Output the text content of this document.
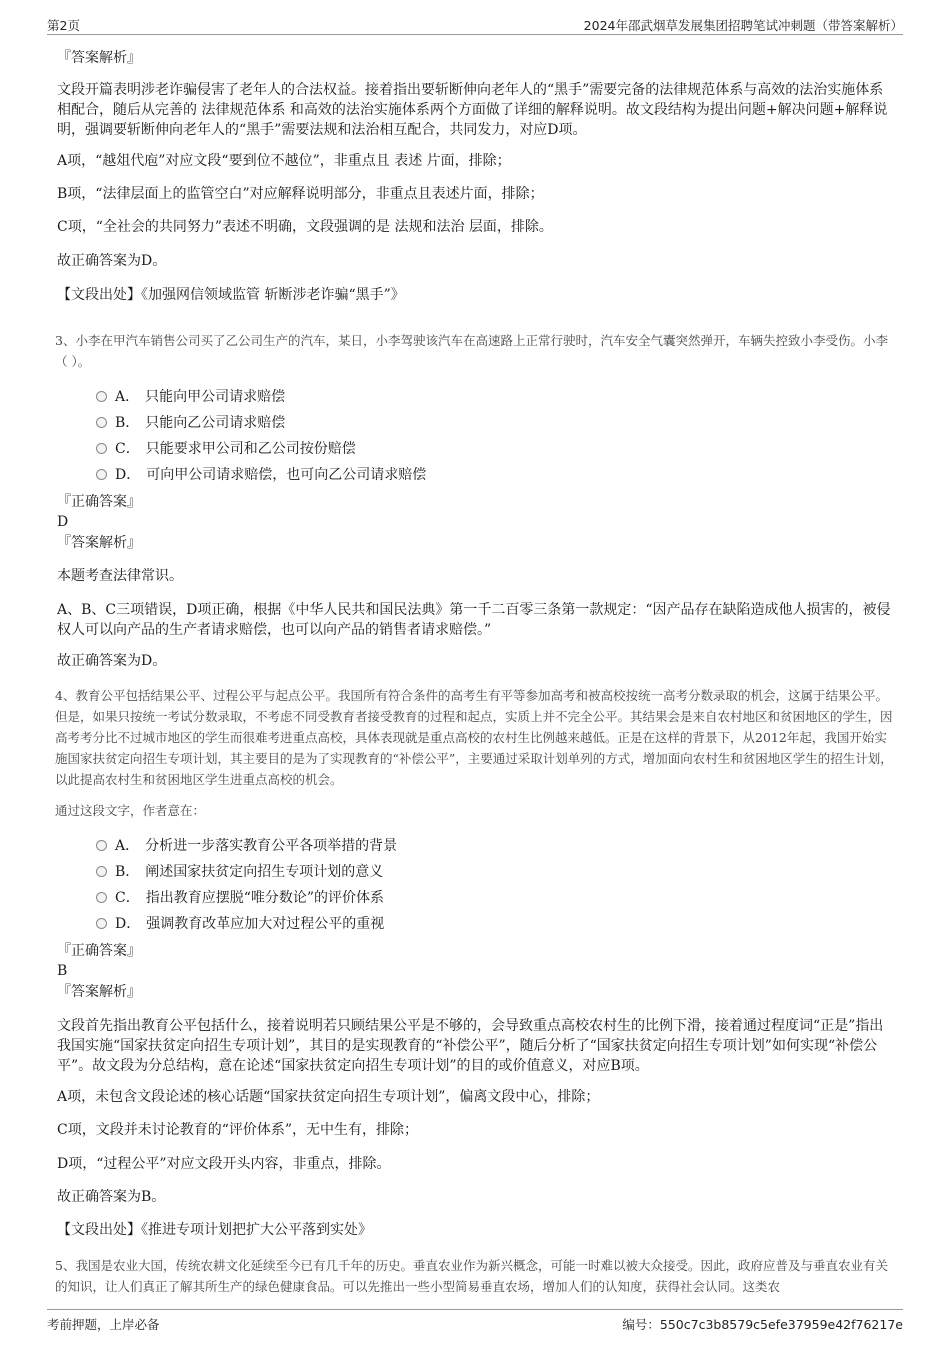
第2页	2024年邵武烟草发展集团招聘笔试冲刺题（带答案解析）

『答案解析』

文段开篇表明涉老诈骗侵害了老年人的合法权益。接着指出要斩断伸向老年人的“黑手”需要完备的法律规范体系与高效的法治实施体系相配合，随后从完善的 法律规范体系 和高效的法治实施体系两个方面做了详细的解释说明。故文段结构为提出问题+解决问题+解释说明，强调要斩断伸向老年人的“黑手”需要法规和法治相互配合，共同发力，对应D项。

A项，“越俎代庖”对应文段“要到位不越位”，非重点且 表述 片面，排除；

B项，“法律层面上的监管空白”对应解释说明部分，非重点且表述片面，排除；

C项，“全社会的共同努力”表述不明确，文段强调的是 法规和法治 层面，排除。

故正确答案为D。

【文段出处】《加强网信领域监管 斩断涉老诈骗“黑手”》

3、小李在甲汽车销售公司买了乙公司生产的汽车，某日，小李驾驶该汽车在高速路上正常行驶时，汽车安全气囊突然弹开，车辆失控致小李受伤。小李（ ）。

A． 只能向甲公司请求赔偿
B． 只能向乙公司请求赔偿
C． 只能要求甲公司和乙公司按份赔偿
D． 可向甲公司请求赔偿，也可向乙公司请求赔偿

『正确答案』

D

『答案解析』

本题考查法律常识。

A、B、C三项错误，D项正确，根据《中华人民共和国民法典》第一千二百零三条第一款规定：“因产品存在缺陷造成他人损害的，被侵权人可以向产品的生产者请求赔偿，也可以向产品的销售者请求赔偿。”

故正确答案为D。

4、教育公平包括结果公平、过程公平与起点公平。我国所有符合条件的高考生有平等参加高考和被高校按统一高考分数录取的机会，这属于结果公平。但是，如果只按统一考试分数录取，不考虑不同受教育者接受教育的过程和起点，实质上并不完全公平。其结果会是来自农村地区和贫困地区的学生，因高考考分比不过城市地区的学生而很难考进重点高校，具体表现就是重点高校的农村生比例越来越低。正是在这样的背景下，从2012年起，我国开始实施国家扶贫定向招生专项计划，其主要目的是为了实现教育的“补偿公平”，主要通过采取计划单列的方式，增加面向农村生和贫困地区学生的招生计划，以此提高农村生和贫困地区学生进重点高校的机会。

通过这段文字，作者意在：

A． 分析进一步落实教育公平各项举措的背景
B． 阐述国家扶贫定向招生专项计划的意义
C． 指出教育应摆脱“唯分数论”的评价体系
D． 强调教育改革应加大对过程公平的重视

『正确答案』

B

『答案解析』

文段首先指出教育公平包括什么，接着说明若只顾结果公平是不够的，会导致重点高校农村生的比例下滑，接着通过程度词“正是”指出我国实施“国家扶贫定向招生专项计划”，其目的是实现教育的“补偿公平”，随后分析了“国家扶贫定向招生专项计划”如何实现“补偿公平”。故文段为分总结构，意在论述“国家扶贫定向招生专项计划”的目的或价值意义，对应B项。

A项，未包含文段论述的核心话题“国家扶贫定向招生专项计划”，偏离文段中心，排除；

C项，文段并未讨论教育的“评价体系”，无中生有，排除；

D项，“过程公平”对应文段开头内容，非重点，排除。

故正确答案为B。

【文段出处】《推进专项计划把扩大公平落到实处》

5、我国是农业大国，传统农耕文化延续至今已有几千年的历史。垂直农业作为新兴概念，可能一时难以被大众接受。因此，政府应普及与垂直农业有关的知识，让人们真正了解其所生产的绿色健康食品。可以先推出一些小型简易垂直农场，增加人们的认知度，获得社会认同。这类农

考前押题，上岸必备	编号：550c7c3b8579c5efe37959e42f76217e
